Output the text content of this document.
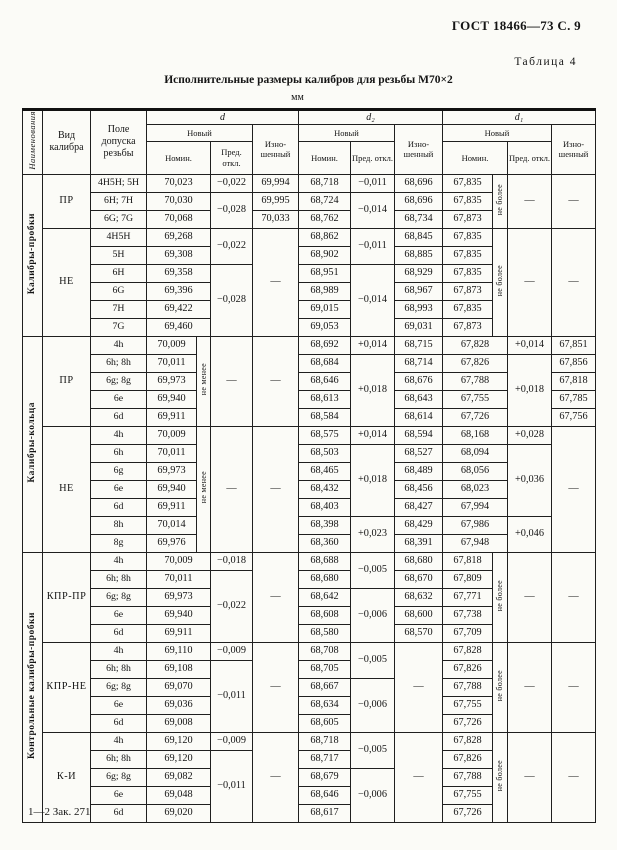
ГОСТ 18466—73 С. 9
Таблица 4
Исполнительные размеры калибров для резьбы М70×2
мм
Наименования	Вид калибра	Поле допуска резьбы	d				d₂			d₁			
			Новый			Изно-шенный	Новый		Изно-шенный	Новый			Изно-шенный
			Номин.		Пред. откл.		Номин.	Пред. откл.		Номин.		Пред. откл.	
Калибры-пробки	ПР	4H5H; 5H	70,023		−0,022	69,994	68,718	−0,011	68,696	67,835	не более	—	—
		6H; 7H	70,030		−0,028	69,995	68,724	−0,014	68,696	67,835			
		6G; 7G	70,068			70,033	68,762		68,734	67,873			
	НЕ	4H5H	69,268		−0,022	—	68,862	−0,011	68,845	67,835	не более	—	—
		5H	69,308				68,902		68,885	67,835			
		6H	69,358		−0,028		68,951	−0,014	68,929	67,835			
		6G	69,396				68,989		68,967	67,873			
		7H	69,422				69,015		68,993	67,835			
		7G	69,460				69,053		69,031	67,873			
Калибры-кольца	ПР	4h	70,009	не менее	—	—	68,692	+0,014	68,715	67,828		+0,014	67,851
		6h; 8h	70,011				68,684	+0,018	68,714	67,826		+0,018	67,856
		6g; 8g	69,973				68,646		68,676	67,788			67,818
		6e	69,940				68,613		68,643	67,755			67,785
		6d	69,911				68,584		68,614	67,726			67,756
	НЕ	4h	70,009	не менее	—	—	68,575	+0,014	68,594	68,168		+0,028	—
		6h	70,011				68,503	+0,018	68,527	68,094		+0,036	
		6g	69,973				68,465		68,489	68,056			
		6e	69,940				68,432		68,456	68,023			
		6d	69,911				68,403		68,427	67,994			
		8h	70,014				68,398	+0,023	68,429	67,986		+0,046	
		8g	69,976				68,360		68,391	67,948			
Контрольные калибры-пробки	КПР-ПР	4h	70,009		−0,018	—	68,688	−0,005	68,680	67,818	не более	—	—
		6h; 8h	70,011		−0,022		68,680		68,670	67,809			
		6g; 8g	69,973				68,642	−0,006	68,632	67,771			
		6e	69,940				68,608		68,600	67,738			
		6d	69,911				68,580		68,570	67,709			
	КПР-НЕ	4h	69,110		−0,009	—	68,708	−0,005	—	67,828	не более	—	—
		6h; 8h	69,108		−0,011		68,705			67,826			
		6g; 8g	69,070				68,667	−0,006		67,788			
		6e	69,036				68,634			67,755			
		6d	69,008				68,605			67,726			
	К-И	4h	69,120		−0,009	—	68,718	−0,005	—	67,828	не более	—	—
		6h; 8h	69,120		−0,011		68,717			67,826			
		6g; 8g	69,082				68,679	−0,006		67,788			
		6e	69,048				68,646			67,755			
		6d	69,020				68,617			67,726			
1—2 Зак. 271
